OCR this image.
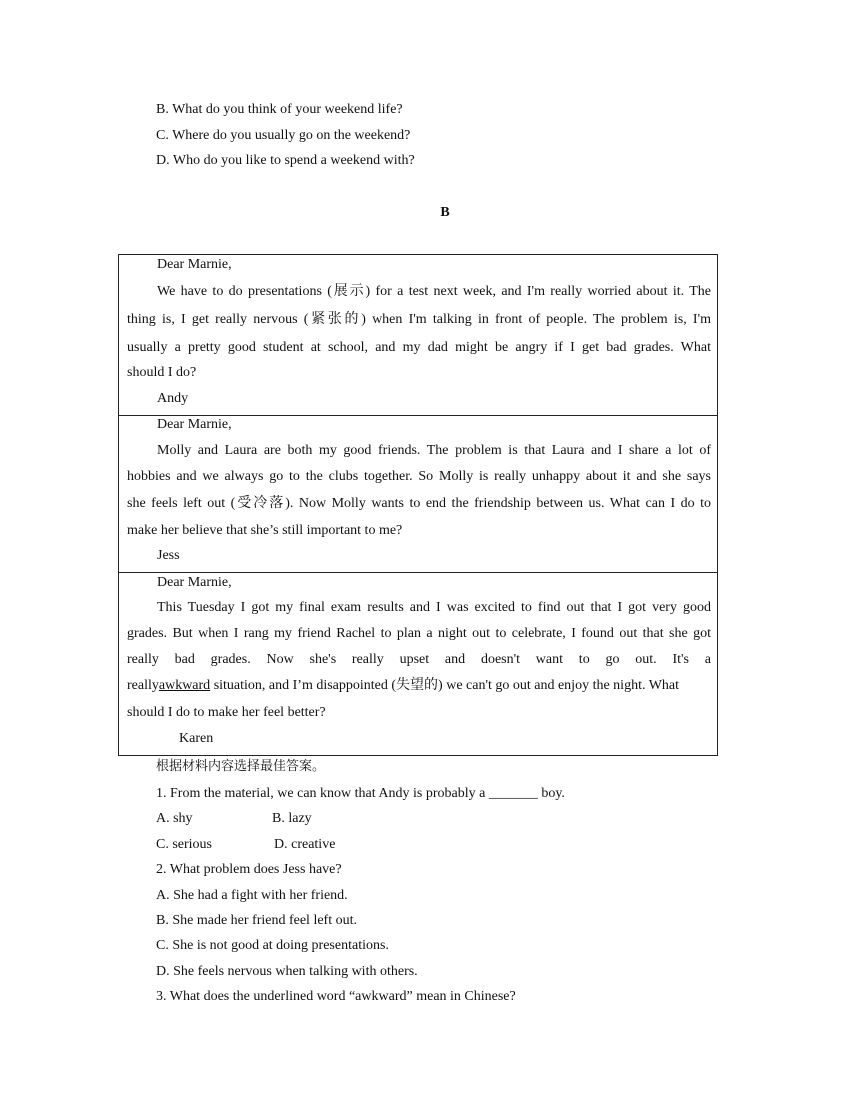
B. What do you think of your weekend life?
C. Where do you usually go on the weekend?
D. Who do you like to spend a weekend with?
B
Dear Marnie,
We have to do presentations (展示) for a test next week, and I'm really worried about it. The
thing is, I get really nervous (紧张的) when I'm talking in front of people. The problem is, I'm
usually a pretty good student at school, and my dad might be angry if I get bad grades. What
should I do?
Andy
Dear Marnie,
Molly and Laura are both my good friends. The problem is that Laura and I share a lot of
hobbies and we always go to the clubs together. So Molly is really unhappy about it and she says
she feels left out (受冷落). Now Molly wants to end the friendship between us. What can I do to
make her believe that she’s still important to me?
Jess
Dear Marnie,
This Tuesday I got my final exam results and I was excited to find out that I got very good
grades. But when I rang my friend Rachel to plan a night out to celebrate, I found out that she got
really bad grades. Now she's really upset and doesn't want to go out. It's a
reallyawkward situation, and I’m disappointed (失望的) we can't go out and enjoy the night. What
should I do to make her feel better?
Karen
根据材料内容选择最佳答案。
1. From the material, we can know that Andy is probably a _______ boy.
A. shy	B. lazy
C. serious	D. creative
2. What problem does Jess have?
A. She had a fight with her friend.
B. She made her friend feel left out.
C. She is not good at doing presentations.
D. She feels nervous when talking with others.
3. What does the underlined word “awkward” mean in Chinese?
